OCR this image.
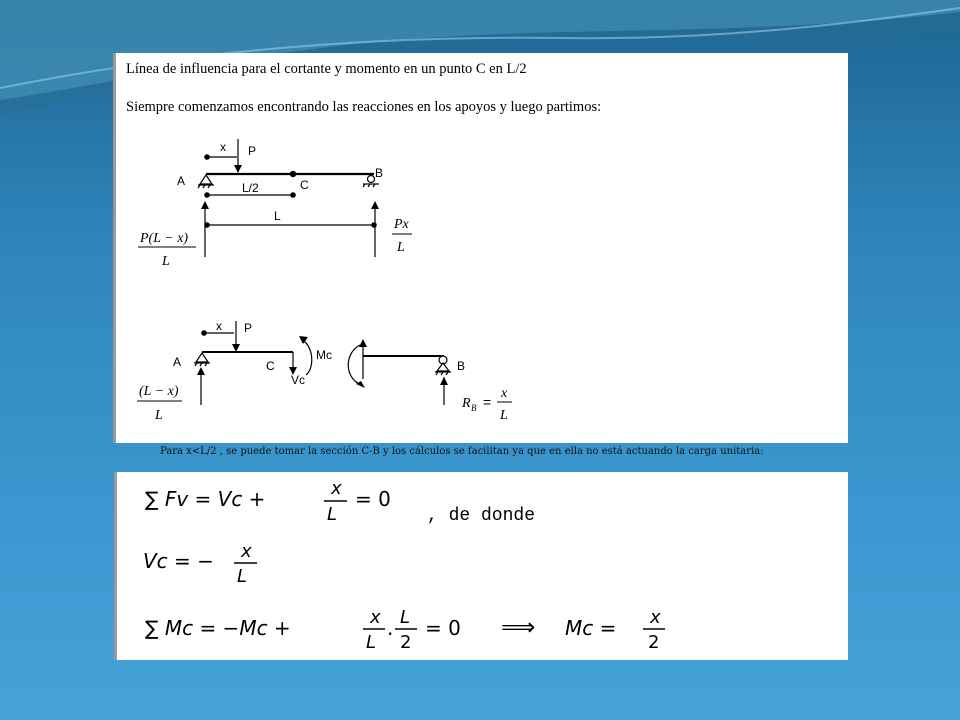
Línea de influencia para el cortante y momento en un punto C en L/2
Siempre comenzamos encontrando las reacciones en los apoyos y luego partimos:
x P
A
B
C
L/2
L
P(L − x)
L
Px
L
x P
A	C
Mc
Vc
B
(L − x)
L
R B =
x
L
Para x<L/2 , se puede tomar la sección C-B y los cálculos se facilitan ya que en ella no está actuando la carga unitaria:
∑ Fv = Vc +	x
L
= 0
, de donde
Vc = − x
L
∑ Mc = −Mc +	x
L
. L
2
= 0 ⟹ Mc = x
2
